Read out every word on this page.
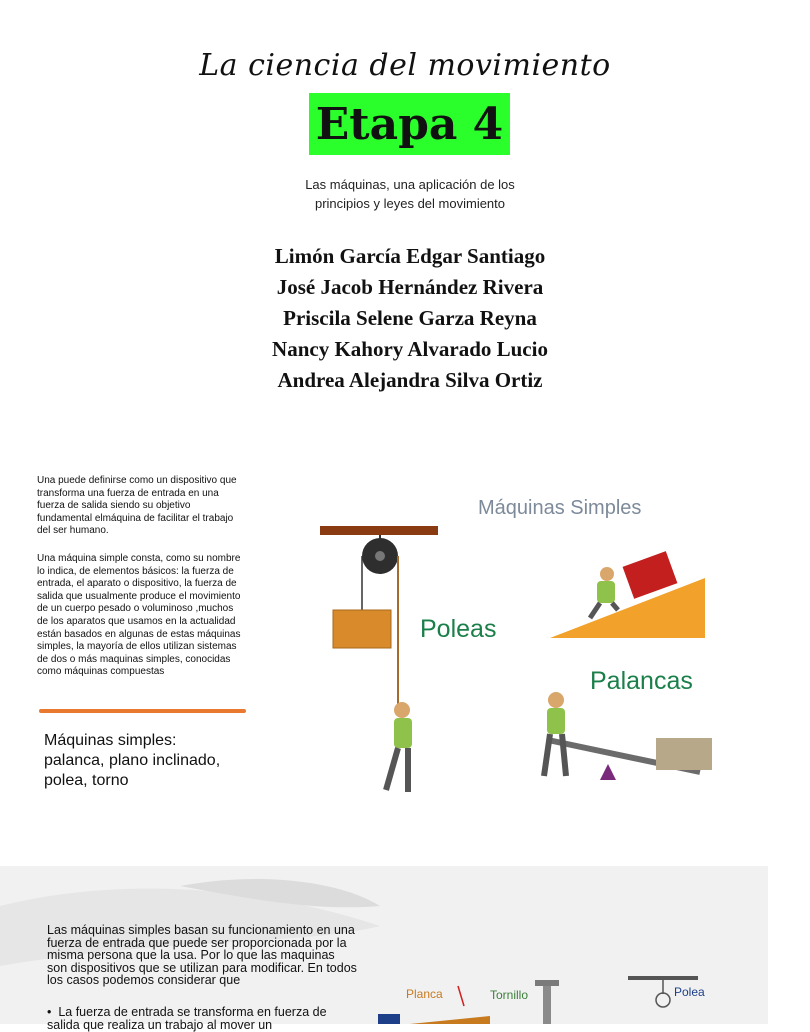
La ciencia del movimiento
Etapa 4
Las máquinas, una aplicación de los
principios y leyes del movimiento
Limón García Edgar Santiago
José Jacob Hernández Rivera
Priscila Selene Garza Reyna
Nancy Kahory Alvarado Lucio
Andrea Alejandra Silva Ortiz
Una puede definirse como un dispositivo que transforma una fuerza de entrada en una fuerza de salida siendo su objetivo fundamental elmáquina de facilitar el trabajo del ser humano.
Una máquina simple consta, como su nombre lo indica, de elementos básicos: la fuerza de entrada, el aparato o dispositivo, la fuerza de salida que usualmente produce el movimiento de un cuerpo pesado o voluminoso ,muchos de los aparatos que usamos en la actualidad están basados en algunas de estas máquinas simples, la mayoría de ellos utilizan sistemas de dos o más maquinas simples, conocidas como máquinas compuestas
Máquinas simples:
palanca, plano inclinado,
polea, torno
Máquinas Simples
Poleas
Palancas
Las máquinas simples basan su funcionamiento en una fuerza de entrada que puede ser proporcionada por la misma persona que la usa. Por lo que las maquinas son dispositivos que se utilizan para modificar. En todos los casos podemos considerar que
•  La fuerza de entrada se transforma en fuerza de salida que realiza un trabajo al mover un
Planca	Tornillo	Polea
